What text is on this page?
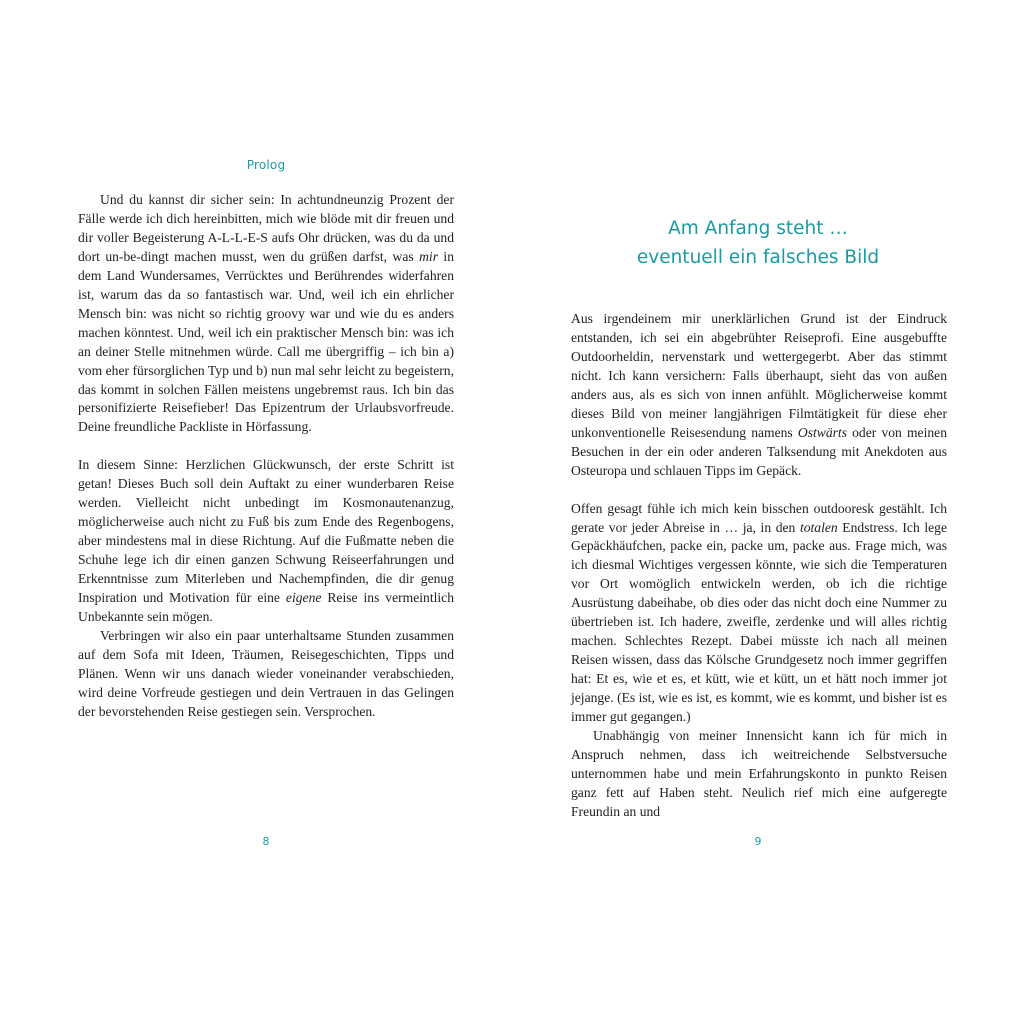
Prolog

Und du kannst dir sicher sein: In achtundneunzig Prozent der Fälle werde ich dich hereinbitten, mich wie blöde mit dir freuen und dir voller Begeisterung A-L-L-E-S aufs Ohr drücken, was du da und dort un-be-dingt machen musst, wen du grüßen darfst, was mir in dem Land Wundersames, Verrücktes und Berührendes widerfahren ist, warum das da so fantastisch war. Und, weil ich ein ehrlicher Mensch bin: was nicht so richtig groovy war und wie du es anders machen könntest. Und, weil ich ein praktischer Mensch bin: was ich an deiner Stelle mitnehmen würde. Call me übergriffig – ich bin a) vom eher fürsorglichen Typ und b) nun mal sehr leicht zu begeistern, das kommt in solchen Fällen meistens ungebremst raus. Ich bin das personifizierte Reisefieber! Das Epizentrum der Urlaubsvorfreude. Deine freundliche Packliste in Hörfassung.

In diesem Sinne: Herzlichen Glückwunsch, der erste Schritt ist getan! Dieses Buch soll dein Auftakt zu einer wunderbaren Reise werden. Vielleicht nicht unbedingt im Kosmonautenanzug, möglicherweise auch nicht zu Fuß bis zum Ende des Regenbogens, aber mindestens mal in diese Richtung. Auf die Fußmatte neben die Schuhe lege ich dir einen ganzen Schwung Reiseerfahrungen und Erkenntnisse zum Miterleben und Nachempfinden, die dir genug Inspiration und Motivation für eine eigene Reise ins vermeintlich Unbekannte sein mögen.

Verbringen wir also ein paar unterhaltsame Stunden zusammen auf dem Sofa mit Ideen, Träumen, Reisegeschichten, Tipps und Plänen. Wenn wir uns danach wieder voneinander verabschieden, wird deine Vorfreude gestiegen und dein Vertrauen in das Gelingen der bevorstehenden Reise gestiegen sein. Versprochen.

8
Am Anfang steht …
eventuell ein falsches Bild

Aus irgendeinem mir unerklärlichen Grund ist der Eindruck entstanden, ich sei ein abgebrühter Reiseprofi. Eine ausgebuffte Outdoorheldin, nervenstark und wettergegerbt. Aber das stimmt nicht. Ich kann versichern: Falls überhaupt, sieht das von außen anders aus, als es sich von innen anfühlt. Möglicherweise kommt dieses Bild von meiner langjährigen Filmtätigkeit für diese eher unkonventionelle Reisesendung namens Ostwärts oder von meinen Besuchen in der ein oder anderen Talksendung mit Anekdoten aus Osteuropa und schlauen Tipps im Gepäck.

Offen gesagt fühle ich mich kein bisschen outdooresk gestählt. Ich gerate vor jeder Abreise in … ja, in den totalen Endstress. Ich lege Gepäckhäufchen, packe ein, packe um, packe aus. Frage mich, was ich diesmal Wichtiges vergessen könnte, wie sich die Temperaturen vor Ort womöglich entwickeln werden, ob ich die richtige Ausrüstung dabeihabe, ob dies oder das nicht doch eine Nummer zu übertrieben ist. Ich hadere, zweifle, zerdenke und will alles richtig machen. Schlechtes Rezept. Dabei müsste ich nach all meinen Reisen wissen, dass das Kölsche Grundgesetz noch immer gegriffen hat: Et es, wie et es, et kütt, wie et kütt, un et hätt noch immer jot jejange. (Es ist, wie es ist, es kommt, wie es kommt, und bisher ist es immer gut gegangen.)

Unabhängig von meiner Innensicht kann ich für mich in Anspruch nehmen, dass ich weitreichende Selbstversuche unternommen habe und mein Erfahrungskonto in punkto Reisen ganz fett auf Haben steht. Neulich rief mich eine aufgeregte Freundin an und

9
